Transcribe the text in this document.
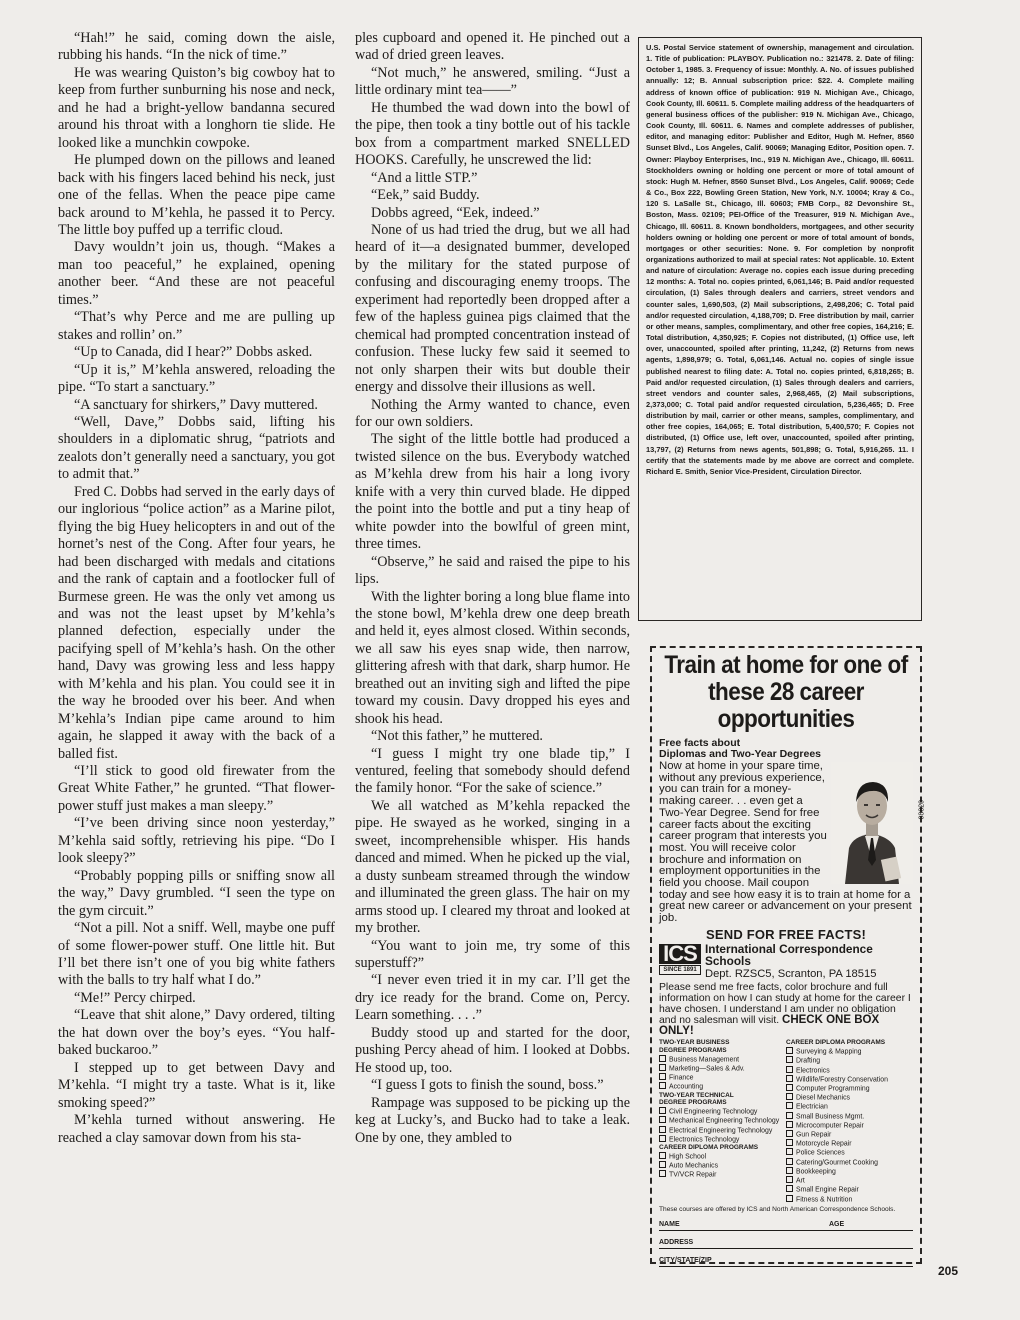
“Hah!” he said, coming down the aisle, rubbing his hands. “In the nick of time.”

He was wearing Quiston’s big cowboy hat to keep from further sunburning his nose and neck, and he had a bright-yellow bandanna secured around his throat with a longhorn tie slide. He looked like a munchkin cowpoke.

He plumped down on the pillows and leaned back with his fingers laced behind his neck, just one of the fellas. When the peace pipe came back around to M’kehla, he passed it to Percy. The little boy puffed up a terrific cloud.

Davy wouldn’t join us, though. “Makes a man too peaceful,” he explained, opening another beer. “And these are not peaceful times.”

“That’s why Perce and me are pulling up stakes and rollin’ on.”

“Up to Canada, did I hear?” Dobbs asked.

“Up it is,” M’kehla answered, reloading the pipe. “To start a sanctuary.”

“A sanctuary for shirkers,” Davy muttered.

“Well, Dave,” Dobbs said, lifting his shoulders in a diplomatic shrug, “patriots and zealots don’t generally need a sanctuary, you got to admit that.”

Fred C. Dobbs had served in the early days of our inglorious “police action” as a Marine pilot, flying the big Huey helicopters in and out of the hornet’s nest of the Cong. After four years, he had been discharged with medals and citations and the rank of captain and a footlocker full of Burmese green. He was the only vet among us and was not the least upset by M’kehla’s planned defection, especially under the pacifying spell of M’kehla’s hash. On the other hand, Davy was growing less and less happy with M’kehla and his plan. You could see it in the way he brooded over his beer. And when M’kehla’s Indian pipe came around to him again, he slapped it away with the back of a balled fist.

“I’ll stick to good old firewater from the Great White Father,” he grunted. “That flower-power stuff just makes a man sleepy.”

“I’ve been driving since noon yesterday,” M’kehla said softly, retrieving his pipe. “Do I look sleepy?”

“Probably popping pills or sniffing snow all the way,” Davy grumbled. “I seen the type on the gym circuit.”

“Not a pill. Not a sniff. Well, maybe one puff of some flower-power stuff. One little hit. But I’ll bet there isn’t one of you big white fathers with the balls to try half what I do.”

“Me!” Percy chirped.

“Leave that shit alone,” Davy ordered, tilting the hat down over the boy’s eyes. “You half-baked buckaroo.”

I stepped up to get between Davy and M’kehla. “I might try a taste. What is it, like smoking speed?”

M’kehla turned without answering. He reached a clay samovar down from his sta-

ples cupboard and opened it. He pinched out a wad of dried green leaves.

“Not much,” he answered, smiling. “Just a little ordinary mint tea——”

He thumbed the wad down into the bowl of the pipe, then took a tiny bottle out of his tackle box from a compartment marked SNELLED HOOKS. Carefully, he unscrewed the lid:

“And a little STP.”

“Eek,” said Buddy.

Dobbs agreed, “Eek, indeed.”

None of us had tried the drug, but we all had heard of it—a designated bummer, developed by the military for the stated purpose of confusing and discouraging enemy troops. The experiment had reportedly been dropped after a few of the hapless guinea pigs claimed that the chemical had prompted concentration instead of confusion. These lucky few said it seemed to not only sharpen their wits but double their energy and dissolve their illusions as well.

Nothing the Army wanted to chance, even for our own soldiers.

The sight of the little bottle had produced a twisted silence on the bus. Everybody watched as M’kehla drew from his hair a long ivory knife with a very thin curved blade. He dipped the point into the bottle and put a tiny heap of white powder into the bowlful of green mint, three times.

“Observe,” he said and raised the pipe to his lips.

With the lighter boring a long blue flame into the stone bowl, M’kehla drew one deep breath and held it, eyes almost closed. Within seconds, we all saw his eyes snap wide, then narrow, glittering afresh with that dark, sharp humor. He breathed out an inviting sigh and lifted the pipe toward my cousin. Davy dropped his eyes and shook his head.

“Not this father,” he muttered.

“I guess I might try one blade tip,” I ventured, feeling that somebody should defend the family honor. “For the sake of science.”

We all watched as M’kehla repacked the pipe. He swayed as he worked, singing in a sweet, incomprehensible whisper. His hands danced and mimed. When he picked up the vial, a dusty sunbeam streamed through the window and illuminated the green glass. The hair on my arms stood up. I cleared my throat and looked at my brother.

“You want to join me, try some of this superstuff?”

“I never even tried it in my car. I’ll get the dry ice ready for the brand. Come on, Percy. Learn something. . . .”

Buddy stood up and started for the door, pushing Percy ahead of him. I looked at Dobbs. He stood up, too.

“I guess I gots to finish the sound, boss.”

Rampage was supposed to be picking up the keg at Lucky’s, and Bucko had to take a leak. One by one, they ambled to

U.S. Postal Service statement of ownership, management and circulation. 1. Title of publication: PLAYBOY. Publication no.: 321478. 2. Date of filing: October 1, 1985. 3. Frequency of issue: Monthly. A. No. of issues published annually: 12; B. Annual subscription price: $22. 4. Complete mailing address of known office of publication: 919 N. Michigan Ave., Chicago, Cook County, Ill. 60611. 5. Complete mailing address of the headquarters of general business offices of the publisher: 919 N. Michigan Ave., Chicago, Cook County, Ill. 60611. 6. Names and complete addresses of publisher, editor, and managing editor: Publisher and Editor, Hugh M. Hefner, 8560 Sunset Blvd., Los Angeles, Calif. 90069; Managing Editor, Position open. 7. Owner: Playboy Enterprises, Inc., 919 N. Michigan Ave., Chicago, Ill. 60611. Stockholders owning or holding one percent or more of total amount of stock: Hugh M. Hefner, 8560 Sunset Blvd., Los Angeles, Calif. 90069; Cede & Co., Box 222, Bowling Green Station, New York, N.Y. 10004; Kray & Co., 120 S. LaSalle St., Chicago, Ill. 60603; FMB Corp., 82 Devonshire St., Boston, Mass. 02109; PEI-Office of the Treasurer, 919 N. Michigan Ave., Chicago, Ill. 60611. 8. Known bondholders, mortgagees, and other security holders owning or holding one percent or more of total amount of bonds, mortgages or other securities: None. 9. For completion by nonprofit organizations authorized to mail at special rates: Not applicable. 10. Extent and nature of circulation: Average no. copies each issue during preceding 12 months: A. Total no. copies printed, 6,061,146; B. Paid and/or requested circulation, (1) Sales through dealers and carriers, street vendors and counter sales, 1,690,503, (2) Mail subscriptions, 2,498,206; C. Total paid and/or requested circulation, 4,188,709; D. Free distribution by mail, carrier or other means, samples, complimentary, and other free copies, 164,216; E. Total distribution, 4,350,925; F. Copies not distributed, (1) Office use, left over, unaccounted, spoiled after printing, 11,242, (2) Returns from news agents, 1,898,979; G. Total, 6,061,146. Actual no. copies of single issue published nearest to filing date: A. Total no. copies printed, 6,818,265; B. Paid and/or requested circulation, (1) Sales through dealers and carriers, street vendors and counter sales, 2,968,465, (2) Mail subscriptions, 2,373,000; C. Total paid and/or requested circulation, 5,236,465; D. Free distribution by mail, carrier or other means, samples, complimentary, and other free copies, 164,065; E. Total distribution, 5,400,570; F. Copies not distributed, (1) Office use, left over, unaccounted, spoiled after printing, 13,797, (2) Returns from news agents, 501,898; G. Total, 5,916,265. 11. I certify that the statements made by me above are correct and complete. Richard E. Smith, Senior Vice-President, Circulation Director.
Train at home for one of these 28 career opportunities
Free facts about
Diplomas and Two-Year Degrees
Now at home in your spare time, without any previous experience, you can train for a money-making career. . . even get a Two-Year Degree. Send for free career facts about the exciting career program that interests you most. You will receive color brochure and information on employment opportunities in the field you choose. Mail coupon today and see how easy it is to train at home for a great new career or advancement on your present job.
08820
SEND FOR FREE FACTS!
ICS
SINCE 1891
International Correspondence Schools
Dept. RZSC5, Scranton, PA 18515
Please send me free facts, color brochure and full information on how I can study at home for the career I have chosen. I understand I am under no obligation and no salesman will visit. CHECK ONE BOX ONLY!
TWO-YEAR BUSINESS
DEGREE PROGRAMS
Business Management
Marketing—Sales & Adv.
Finance
Accounting
TWO-YEAR TECHNICAL
DEGREE PROGRAMS
Civil Engineering Technology
Mechanical Engineering Technology
Electrical Engineering Technology
Electronics Technology
CAREER DIPLOMA PROGRAMS
High School
Auto Mechanics
TV/VCR Repair
CAREER DIPLOMA PROGRAMS
Surveying & Mapping
Drafting
Electronics
Wildlife/Forestry Conservation
Computer Programming
Diesel Mechanics
Electrician
Small Business Mgmt.
Microcomputer Repair
Gun Repair
Motorcycle Repair
Police Sciences
Catering/Gourmet Cooking
Bookkeeping
Art
Small Engine Repair
Fitness & Nutrition
These courses are offered by ICS and North American Correspondence Schools.
NAME	AGE
ADDRESS
CITY/STATE/ZIP
205
